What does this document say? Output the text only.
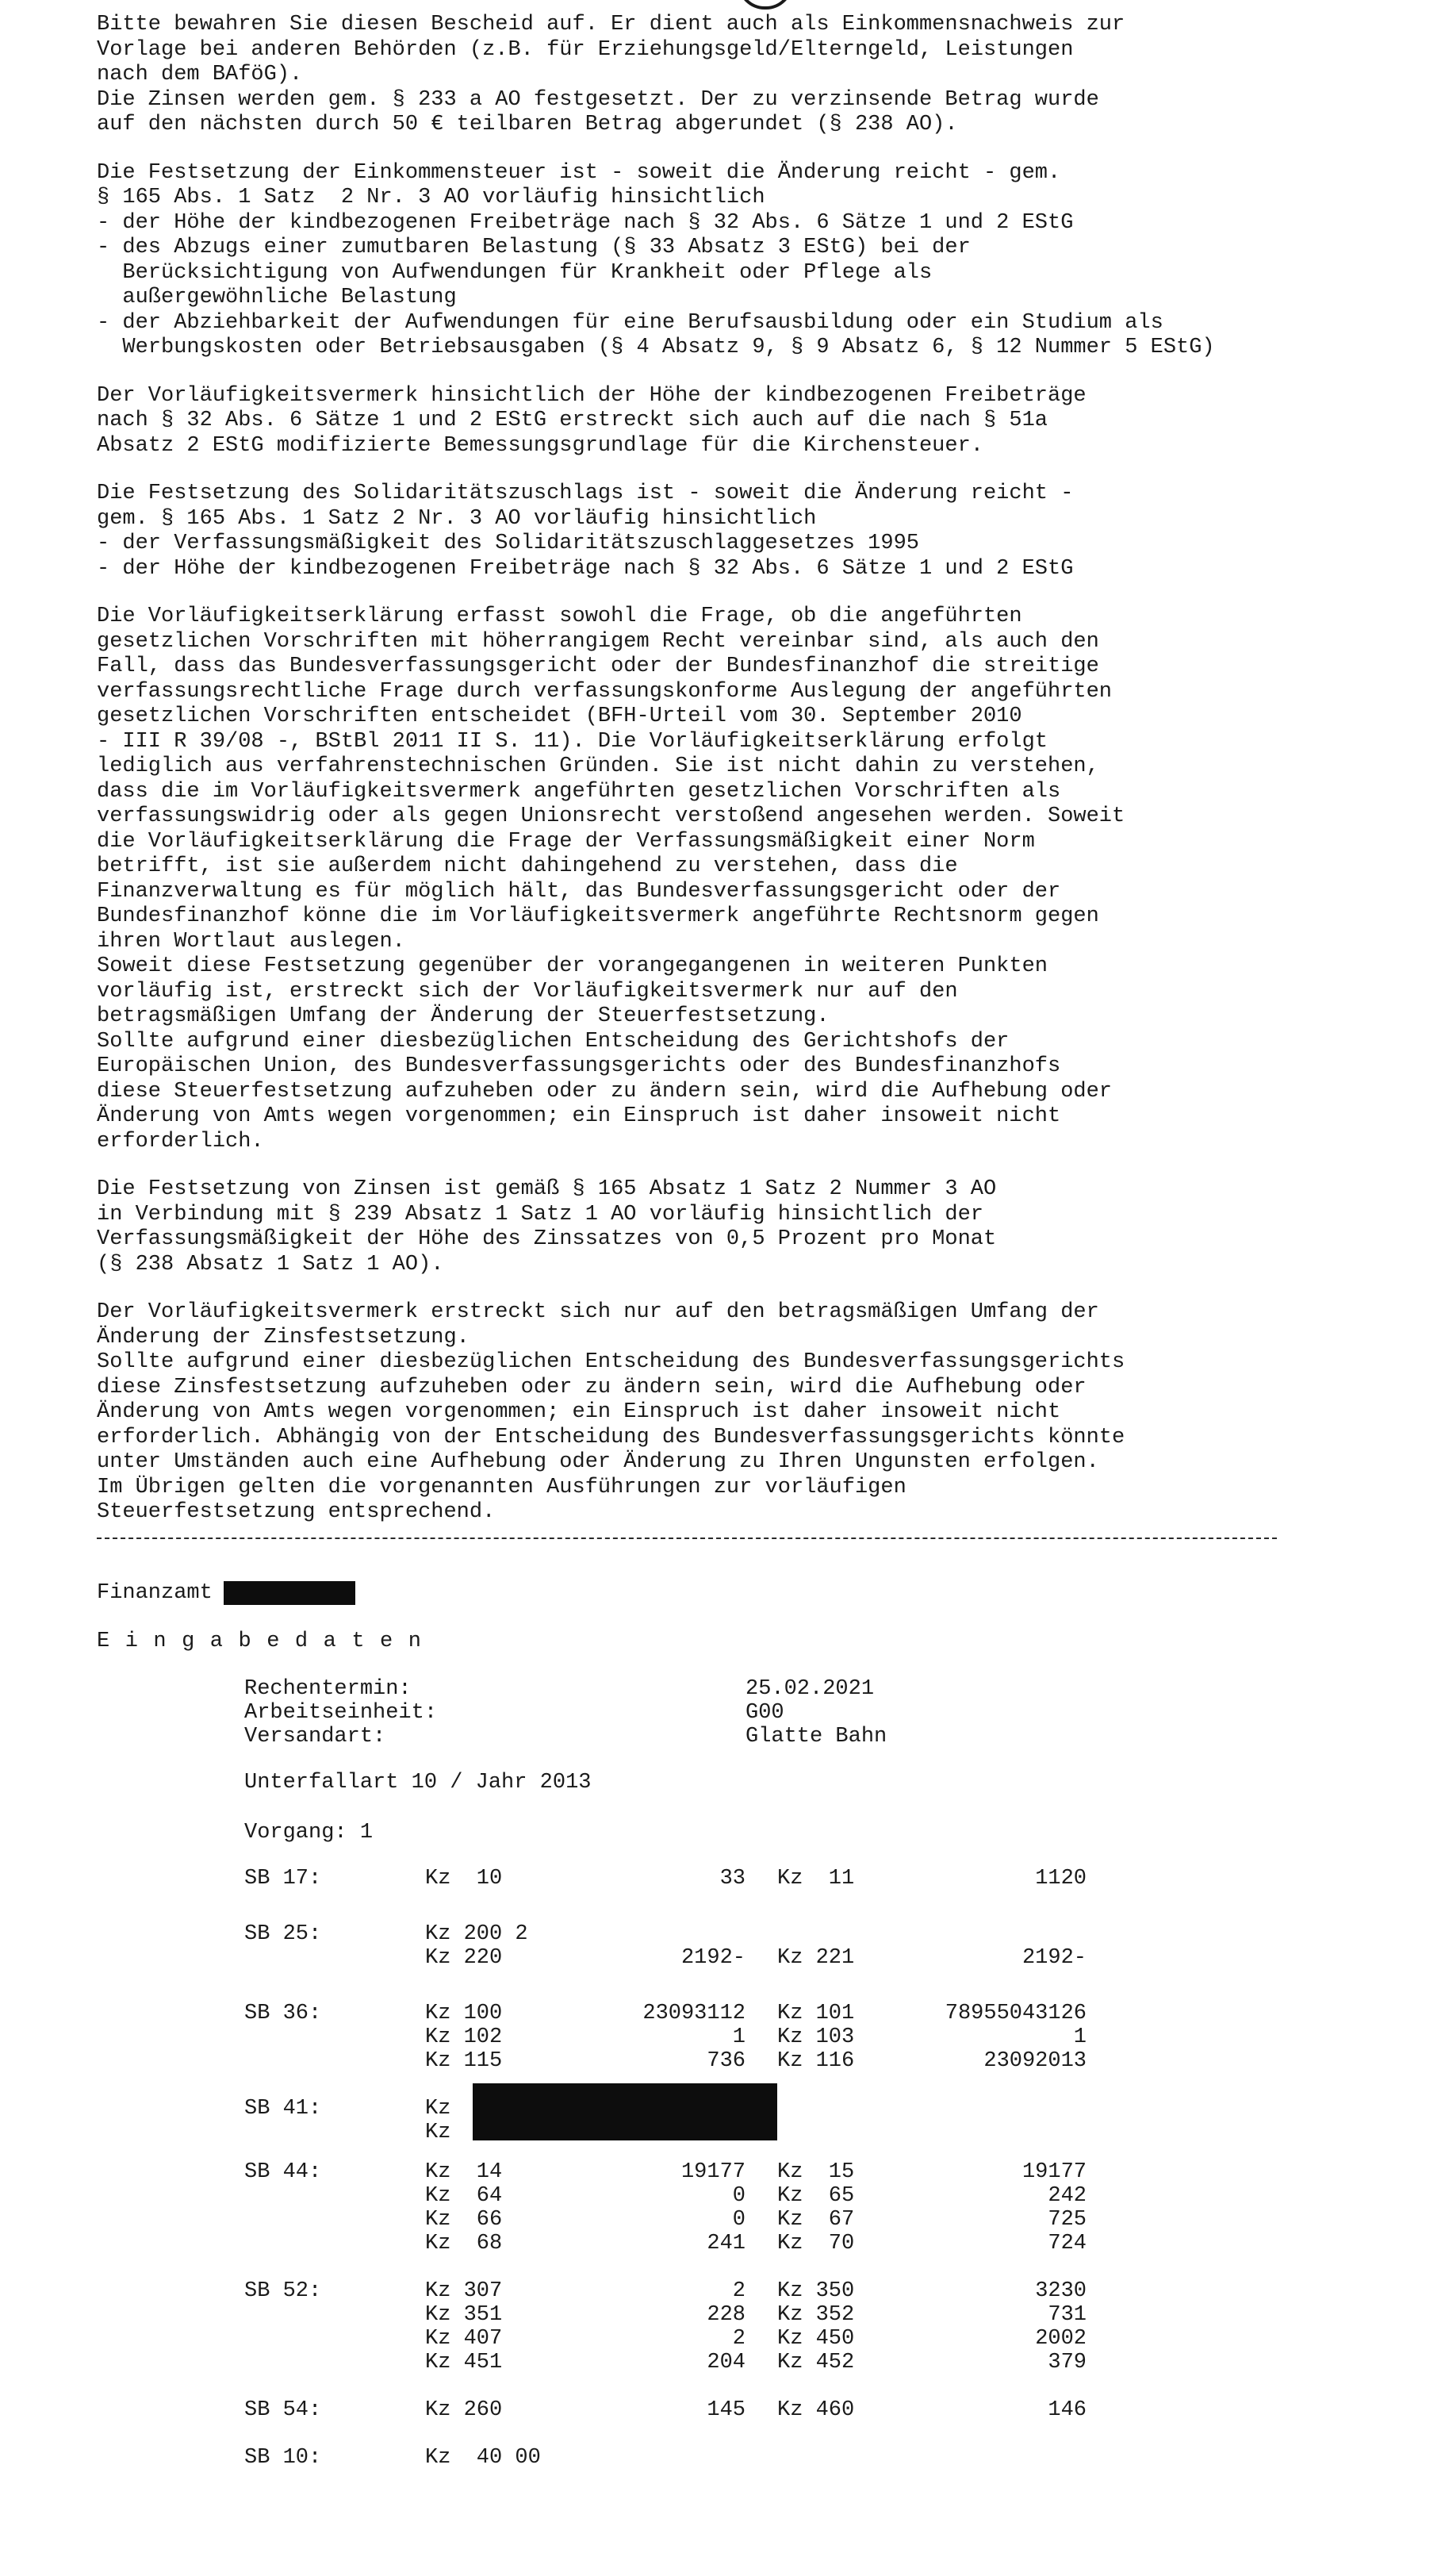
Bitte bewahren Sie diesen Bescheid auf. Er dient auch als Einkommensnachweis zur
Vorlage bei anderen Behörden (z.B. für Erziehungsgeld/Elterngeld, Leistungen
nach dem BAföG).
Die Zinsen werden gem. § 233 a AO festgesetzt. Der zu verzinsende Betrag wurde
auf den nächsten durch 50 € teilbaren Betrag abgerundet (§ 238 AO).
Die Festsetzung der Einkommensteuer ist - soweit die Änderung reicht - gem.
§ 165 Abs. 1 Satz  2 Nr. 3 AO vorläufig hinsichtlich
- der Höhe der kindbezogenen Freibeträge nach § 32 Abs. 6 Sätze 1 und 2 EStG
- des Abzugs einer zumutbaren Belastung (§ 33 Absatz 3 EStG) bei der
Berücksichtigung von Aufwendungen für Krankheit oder Pflege als
außergewöhnliche Belastung
- der Abziehbarkeit der Aufwendungen für eine Berufsausbildung oder ein Studium als
Werbungskosten oder Betriebsausgaben (§ 4 Absatz 9, § 9 Absatz 6, § 12 Nummer 5 EStG)
Der Vorläufigkeitsvermerk hinsichtlich der Höhe der kindbezogenen Freibeträge
nach § 32 Abs. 6 Sätze 1 und 2 EStG erstreckt sich auch auf die nach § 51a
Absatz 2 EStG modifizierte Bemessungsgrundlage für die Kirchensteuer.
Die Festsetzung des Solidaritätszuschlags ist - soweit die Änderung reicht -
gem. § 165 Abs. 1 Satz 2 Nr. 3 AO vorläufig hinsichtlich
- der Verfassungsmäßigkeit des Solidaritätszuschlaggesetzes 1995
- der Höhe der kindbezogenen Freibeträge nach § 32 Abs. 6 Sätze 1 und 2 EStG
Die Vorläufigkeitserklärung erfasst sowohl die Frage, ob die angeführten
gesetzlichen Vorschriften mit höherrangigem Recht vereinbar sind, als auch den
Fall, dass das Bundesverfassungsgericht oder der Bundesfinanzhof die streitige
verfassungsrechtliche Frage durch verfassungskonforme Auslegung der angeführten
gesetzlichen Vorschriften entscheidet (BFH-Urteil vom 30. September 2010
- III R 39/08 -, BStBl 2011 II S. 11). Die Vorläufigkeitserklärung erfolgt
lediglich aus verfahrenstechnischen Gründen. Sie ist nicht dahin zu verstehen,
dass die im Vorläufigkeitsvermerk angeführten gesetzlichen Vorschriften als
verfassungswidrig oder als gegen Unionsrecht verstoßend angesehen werden. Soweit
die Vorläufigkeitserklärung die Frage der Verfassungsmäßigkeit einer Norm
betrifft, ist sie außerdem nicht dahingehend zu verstehen, dass die
Finanzverwaltung es für möglich hält, das Bundesverfassungsgericht oder der
Bundesfinanzhof könne die im Vorläufigkeitsvermerk angeführte Rechtsnorm gegen
ihren Wortlaut auslegen.
Soweit diese Festsetzung gegenüber der vorangegangenen in weiteren Punkten
vorläufig ist, erstreckt sich der Vorläufigkeitsvermerk nur auf den
betragsmäßigen Umfang der Änderung der Steuerfestsetzung.
Sollte aufgrund einer diesbezüglichen Entscheidung des Gerichtshofs der
Europäischen Union, des Bundesverfassungsgerichts oder des Bundesfinanzhofs
diese Steuerfestsetzung aufzuheben oder zu ändern sein, wird die Aufhebung oder
Änderung von Amts wegen vorgenommen; ein Einspruch ist daher insoweit nicht
erforderlich.
Die Festsetzung von Zinsen ist gemäß § 165 Absatz 1 Satz 2 Nummer 3 AO
in Verbindung mit § 239 Absatz 1 Satz 1 AO vorläufig hinsichtlich der
Verfassungsmäßigkeit der Höhe des Zinssatzes von 0,5 Prozent pro Monat
(§ 238 Absatz 1 Satz 1 AO).
Der Vorläufigkeitsvermerk erstreckt sich nur auf den betragsmäßigen Umfang der
Änderung der Zinsfestsetzung.
Sollte aufgrund einer diesbezüglichen Entscheidung des Bundesverfassungsgerichts
diese Zinsfestsetzung aufzuheben oder zu ändern sein, wird die Aufhebung oder
Änderung von Amts wegen vorgenommen; ein Einspruch ist daher insoweit nicht
erforderlich. Abhängig von der Entscheidung des Bundesverfassungsgerichts könnte
unter Umständen auch eine Aufhebung oder Änderung zu Ihren Ungunsten erfolgen.
Im Übrigen gelten die vorgenannten Ausführungen zur vorläufigen
Steuerfestsetzung entsprechend.
Finanzamt
Eingabedaten
Rechentermin:	25.02.2021
Arbeitseinheit:	G00
Versandart:	Glatte Bahn
Unterfallart 10 / Jahr 2013
Vorgang: 1
SB 17:	Kz  10	33 Kz  11	1120
SB 25:	Kz 200 2
Kz 220	2192- Kz 221	2192-
SB 36:	Kz 100	23093112 Kz 101	78955043126
Kz 102	1 Kz 103	1
Kz 115	736 Kz 116	23092013
SB 41:	Kz
Kz
SB 44:	Kz  14	19177 Kz  15	19177
Kz  64	0 Kz  65	242
Kz  66	0 Kz  67	725
Kz  68	241 Kz  70	724
SB 52:	Kz 307	2 Kz 350	3230
Kz 351	228 Kz 352	731
Kz 407	2 Kz 450	2002
Kz 451	204 Kz 452	379
SB 54:	Kz 260	145 Kz 460	146
SB 10:	Kz  40 00
